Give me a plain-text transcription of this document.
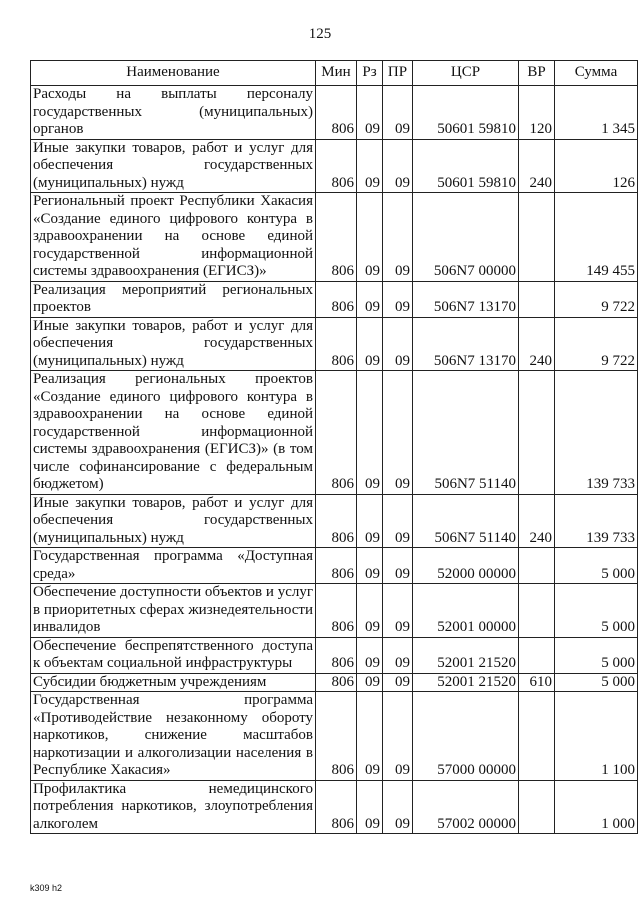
125
Наименование	Мин	Рз	ПР	ЦСР	ВР	Сумма
Расходы на выплаты персоналу государственных (муниципальных) органов	806	09	09	50601 59810	120	1 345
Иные закупки товаров, работ и услуг для обеспечения государственных (муниципальных) нужд	806	09	09	50601 59810	240	126
Региональный проект Республики Хакасия «Создание единого цифрового контура в здравоохранении на основе единой государственной информационной системы здравоохранения (ЕГИСЗ)»	806	09	09	506N7 00000		149 455
Реализация мероприятий региональных проектов	806	09	09	506N7 13170		9 722
Иные закупки товаров, работ и услуг для обеспечения государственных (муниципальных) нужд	806	09	09	506N7 13170	240	9 722
Реализация региональных проектов «Создание единого цифрового контура в здравоохранении на основе единой государственной информационной системы здравоохранения (ЕГИСЗ)» (в том числе софинансирование с федеральным бюджетом)	806	09	09	506N7 51140		139 733
Иные закупки товаров, работ и услуг для обеспечения государственных (муниципальных) нужд	806	09	09	506N7 51140	240	139 733
Государственная программа «Доступная среда»	806	09	09	52000 00000		5 000
Обеспечение доступности объектов и услуг в приоритетных сферах жизнедеятельности инвалидов	806	09	09	52001 00000		5 000
Обеспечение беспрепятственного доступа к объектам социальной инфраструктуры	806	09	09	52001 21520		5 000
Субсидии бюджетным учреждениям	806	09	09	52001 21520	610	5 000
Государственная программа «Противодействие незаконному обороту наркотиков, снижение масштабов наркотизации и алкоголизации населения в Республике Хакасия»	806	09	09	57000 00000		1 100
Профилактика немедицинского потребления наркотиков, злоупотребления алкоголем	806	09	09	57002 00000		1 000
k309 h2
